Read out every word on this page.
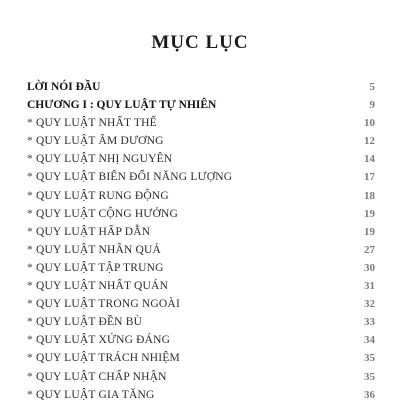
MỤC LỤC
LỜI NÓI ĐẦU	5
CHƯƠNG I : QUY LUẬT TỰ NHIÊN	9
* QUY LUẬT NHẤT THỂ	10
* QUY LUẬT ÂM DƯƠNG	12
* QUY LUẬT NHỊ NGUYÊN	14
* QUY LUẬT BIẾN ĐỔI NĂNG LƯỢNG	17
* QUY LUẬT RUNG ĐỘNG	18
* QUY LUẬT CỘNG HƯỞNG	19
* QUY LUẬT HẤP DẪN	19
* QUY LUẬT NHÂN QUẢ	27
* QUY LUẬT TẬP TRUNG	30
* QUY LUẬT NHẤT QUÁN	31
* QUY LUẬT TRONG NGOÀI	32
* QUY LUẬT ĐỀN BÙ	33
* QUY LUẬT XỨNG ĐÁNG	34
* QUY LUẬT TRÁCH NHIỆM	35
* QUY LUẬT CHẤP NHẬN	35
* QUY LUẬT GIA TĂNG	36
